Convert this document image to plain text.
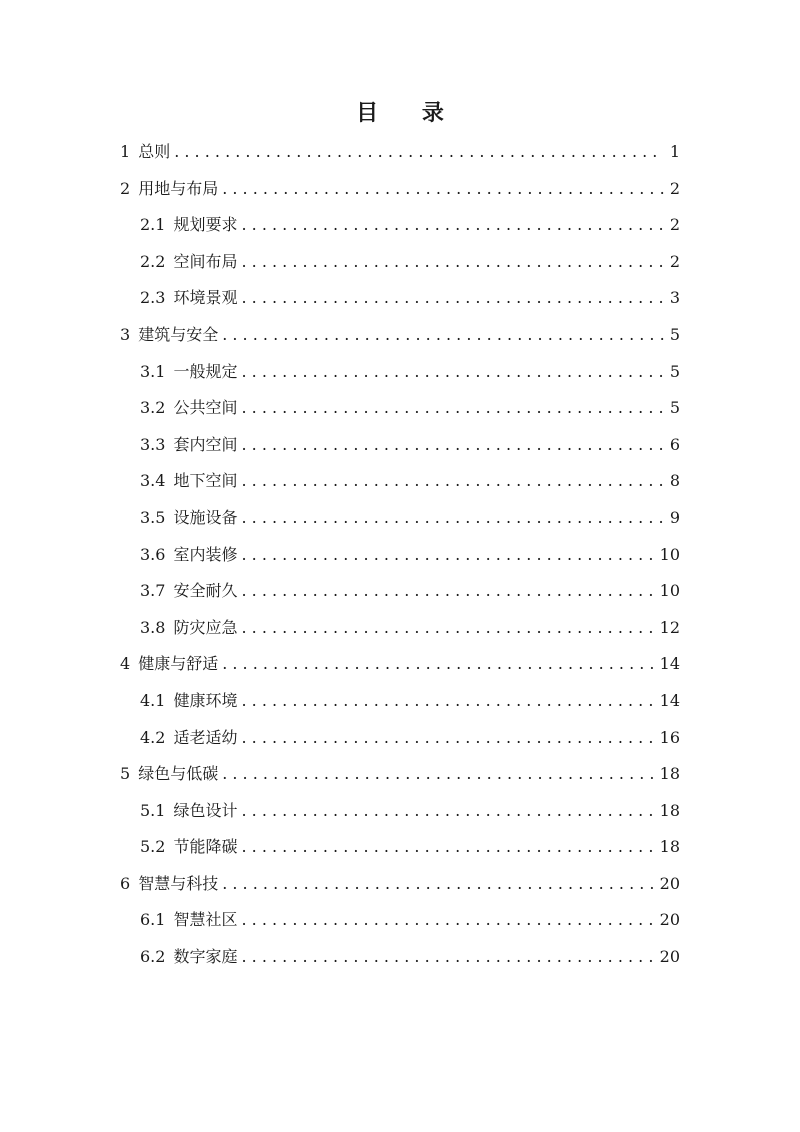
目 录
1 总则 . . .	1
2 用地与布局 . . .	2
2.1 规划要求 . . .	2
2.2 空间布局 . . .	2
2.3 环境景观 . . .	3
3 建筑与安全 . . .	5
3.1 一般规定 . . .	5
3.2 公共空间 . . .	5
3.3 套内空间 . . .	6
3.4 地下空间 . . .	8
3.5 设施设备 . . .	9
3.6 室内装修 . . .	10
3.7 安全耐久 . . .	10
3.8 防灾应急 . . .	12
4 健康与舒适 . . .	14
4.1 健康环境 . . .	14
4.2 适老适幼 . . .	16
5 绿色与低碳 . . .	18
5.1 绿色设计 . . .	18
5.2 节能降碳 . . .	18
6 智慧与科技 . . .	20
6.1 智慧社区 . . .	20
6.2 数字家庭 . . .	20
